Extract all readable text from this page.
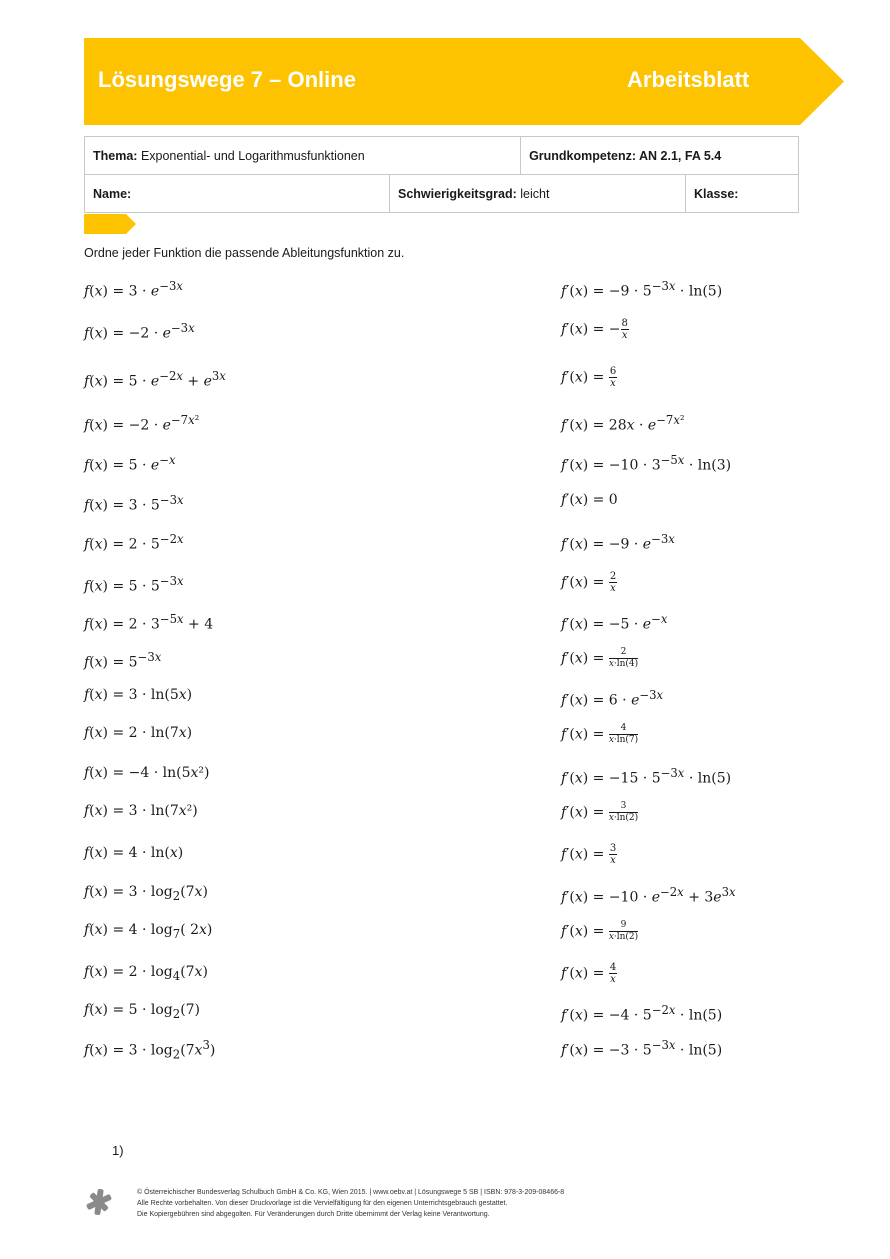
Lösungswege 7 – Online	Arbeitsblatt
Thema: Exponential- und Logarithmusfunktionen		Grundkompetenz: AN 2.1, FA 5.4	
Name:	Schwierigkeitsgrad: leicht		Klasse:
Ordne jeder Funktion die passende Ableitungsfunktion zu.
𝑓(𝑥) = 3 · 𝑒$^{-3𝑥}$	𝑓′(𝑥) = $-9 \cdot 5^{-3𝑥} \cdot \ln(5)$
𝑓(𝑥) = −2 · 𝑒$^{-3𝑥}$	𝑓′(𝑥) = − 8
𝑥
𝑓(𝑥) = 5 · 𝑒$^{-2𝑥}$ + 𝑒$^{3𝑥}$	𝑓′(𝑥) = 6
𝑥
𝑓(𝑥) = −2 · 𝑒$^{-7𝑥^2}$	𝑓′(𝑥) = 28𝑥 · 𝑒$^{-7𝑥^2}$
𝑓(𝑥) = 5 · 𝑒$^{-𝑥}$	𝑓′(𝑥) = $-10 \cdot 3^{-5𝑥} \cdot \ln(3)$
𝑓(𝑥) = $3 \cdot 5^{-3𝑥}$	𝑓′(𝑥) = 0
𝑓(𝑥) = $2 \cdot 5^{-2𝑥}$	𝑓′(𝑥) = −9 · 𝑒$^{-3𝑥}$
𝑓(𝑥) = $5 \cdot 5^{-3𝑥}$	𝑓′(𝑥) = 2
𝑥
𝑓(𝑥) = $2 \cdot 3^{-5𝑥} + 4$	𝑓′(𝑥) = −5 · 𝑒$^{-𝑥}$
𝑓(𝑥) = $5^{-3𝑥}$	𝑓′(𝑥) =	2
𝑥·ln(4)
𝑓(𝑥) = 3 · ln(5𝑥)	𝑓′(𝑥) = 6 · 𝑒$^{-3𝑥}$
𝑓(𝑥) = 2 · ln(7𝑥)	𝑓′(𝑥) =	4
𝑥·ln(7)
𝑓(𝑥) = −4 · ln(5𝑥²)	𝑓′(𝑥) = $-15 \cdot 5^{-3𝑥} \cdot \ln(5)$
𝑓(𝑥) = 3 · ln(7𝑥²)	𝑓′(𝑥) =	3
𝑥·ln(2)
𝑓(𝑥) = 4 · ln(𝑥)	𝑓′(𝑥) = 3
𝑥
𝑓(𝑥) = $3 \cdot \log_2(7𝑥)$	𝑓′(𝑥) = −10 · 𝑒$^{-2𝑥}$ + 3𝑒$^{3𝑥}$
𝑓(𝑥) = $4 \cdot \log_7$( 2𝑥)	𝑓′(𝑥) =	9
𝑥·ln(2)
𝑓(𝑥) = $2 \cdot \log_4(7𝑥)$	𝑓′(𝑥) = 4
𝑥
𝑓(𝑥) = $5 \cdot \log_2(7)$	𝑓′(𝑥) = $-4 \cdot 5^{-2𝑥} \cdot \ln(5)$
𝑓(𝑥) = $3 \cdot \log_2(7𝑥^3)$	𝑓′(𝑥) = $-3 \cdot 5^{-3𝑥} \cdot \ln(5)$
1)
© Österreichischer Bundesverlag Schulbuch GmbH & Co. KG, Wien 2015. | www.oebv.at | Lösungswege 5 SB | ISBN: 978-3-209-08466-8
Alle Rechte vorbehalten. Von dieser Druckvorlage ist die Vervielfältigung für den eigenen Unterrichtsgebrauch gestattet.
Die Kopiergebühren sind abgegolten. Für Veränderungen durch Dritte übernimmt der Verlag keine Verantwortung.
